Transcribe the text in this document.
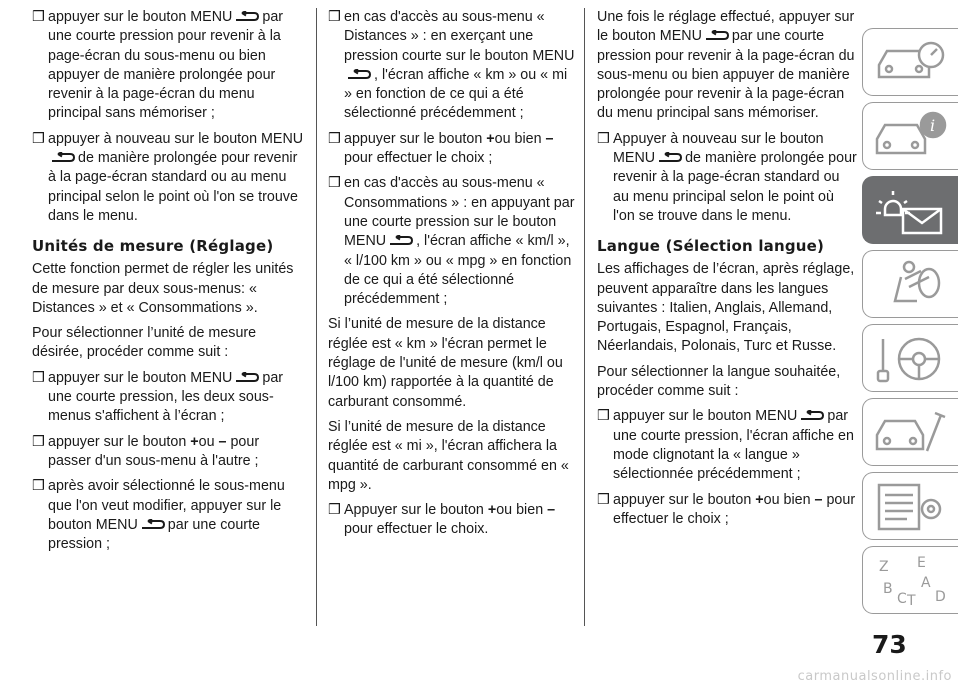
❒ appuyer sur le bouton MENU par une courte pression pour revenir à la page-écran du sous-menu ou bien appuyer de manière prolongée pour revenir à la page-écran du menu principal sans mémoriser ;
❒ appuyer à nouveau sur le bouton MENUde manière prolongée pour revenir à la page-écran standard ou au menu principal selon le point où l'on se trouve dans le menu.
Unités de mesure (Réglage)
Cette fonction permet de régler les unités de mesure par deux sous-menus: « Distances » et « Consommations ».
Pour sélectionner l’unité de mesure désirée, procéder comme suit :
❒ appuyer sur le bouton MENU par une courte pression, les deux sous-menus s'affichent à l’écran ;
❒ appuyer sur le bouton +ou – pour passer d'un sous-menu à l'autre ;
❒ après avoir sélectionné le sous-menu que l'on veut modifier, appuyer sur le bouton MENU par une courte pression ;
❒ en cas d'accès au sous-menu « Distances » : en exerçant une pression courte sur le bouton MENU, l'écran affiche « km » ou « mi » en fonction de ce qui a été sélectionné précédemment ;
❒ appuyer sur le bouton +ou bien – pour effectuer le choix ;
❒ en cas d'accès au sous-menu « Consommations » : en appuyant par une courte pression sur le bouton MENU , l'écran affiche « km/l », « l/100 km » ou « mpg » en fonction de ce qui a été sélectionné précédemment ;
Si l’unité de mesure de la distance réglée est « km » l'écran permet le réglage de l'unité de mesure (km/l ou l/100 km) rapportée à la quantité de carburant consommé.
Si l’unité de mesure de la distance réglée est « mi », l'écran affichera la quantité de carburant consommé en « mpg ».
❒ Appuyer sur le bouton +ou bien – pour effectuer le choix.
Une fois le réglage effectué, appuyer sur le bouton MENU par une courte pression pour revenir à la page-écran du sous-menu ou bien appuyer de manière prolongée pour revenir à la page-écran du menu principal sans mémoriser.
❒ Appuyer à nouveau sur le bouton MENU de manière prolongée pour revenir à la page-écran standard ou au menu principal selon le point où l'on se trouve dans le menu.
Langue (Sélection langue)
Les affichages de l’écran, après réglage, peuvent apparaître dans les langues suivantes : Italien, Anglais, Allemand, Portugais, Espagnol, Français, Néerlandais, Polonais, Turc et Russe.
Pour sélectionner la langue souhaitée, procéder comme suit :
❒ appuyer sur le bouton MENU par une courte pression, l'écran affiche en mode clignotant la « langue » sélectionnée précédemment ;
❒ appuyer sur le bouton +ou bien – pour effectuer le choix ;
i
Z E
A
B
C D
T
73
carmanualsonline.info
